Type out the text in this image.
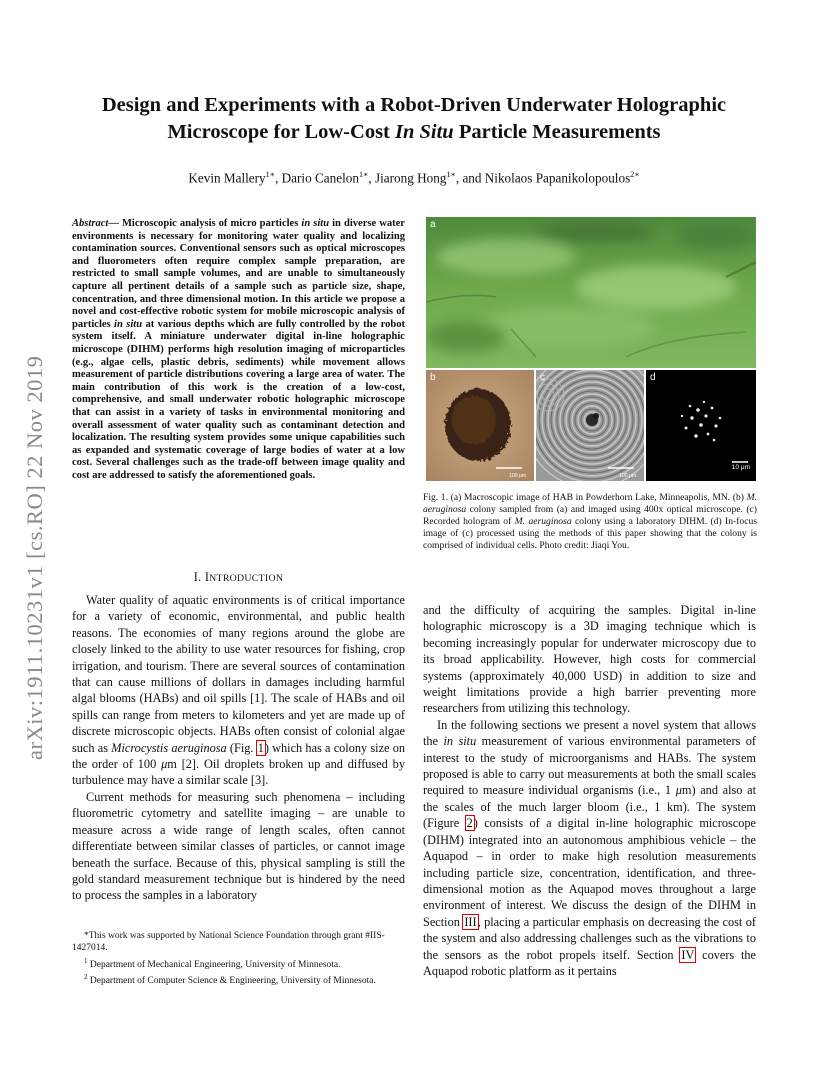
arXiv:1911.10231v1 [cs.RO] 22 Nov 2019
Design and Experiments with a Robot-Driven Underwater Holographic
Microscope for Low-Cost In Situ Particle Measurements
Kevin Mallery$^{1∗}$, Dario Canelon$^{1∗}$, Jiarong Hong$^{1∗}$, and Nikolaos Papanikolopoulos$^{2∗}$
Abstract— Microscopic analysis of micro particles in situ in diverse water environments is necessary for monitoring water quality and localizing contamination sources. Conventional sensors such as optical microscopes and fluorometers often require complex sample preparation, are restricted to small sample volumes, and are unable to simultaneously capture all pertinent details of a sample such as particle size, shape, concentration, and three dimensional motion. In this article we propose a novel and cost-effective robotic system for mobile microscopic analysis of particles in situ at various depths which are fully controlled by the robot system itself. A miniature underwater digital in-line holographic microscope (DIHM) performs high resolution imaging of microparticles (e.g., algae cells, plastic debris, sediments) while movement allows measurement of particle distributions covering a large area of water. The main contribution of this work is the creation of a low-cost, comprehensive, and small underwater robotic holographic microscope that can assist in a variety of tasks in environmental monitoring and overall assessment of water quality such as contaminant detection and localization. The resulting system provides some unique capabilities such as expanded and systematic coverage of large bodies of water at a low cost. Several challenges such as the trade-off between image quality and cost are addressed to satisfy the aforementioned goals.
I. INTRODUCTION

Water quality of aquatic environments is of critical importance for a variety of economic, environmental, and public health reasons. The economies of many regions around the globe are closely linked to the ability to use water resources for fishing, crop irrigation, and tourism. There are several sources of contamination that can cause millions of dollars in damages including harmful algal blooms (HABs) and oil spills [1]. The scale of HABs and oil spills can range from meters to kilometers and yet are made up of discrete microscopic objects. HABs often consist of colonial algae such as Microcystis aeruginosa (Fig. 1) which has a colony size on the order of 100 μm [2]. Oil droplets broken up and diffused by turbulence may have a similar scale [3].

Current methods for measuring such phenomena – including fluorometric cytometry and satellite imaging – are unable to measure across a wide range of length scales, often cannot differentiate between similar classes of particles, or cannot image beneath the surface. Because of this, physical sampling is still the gold standard measurement technique but is hindered by the need to process the samples in a laboratory

*This work was supported by National Science Foundation through grant #IIS-1427014.

$^1$ Department of Mechanical Engineering, University of Minnesota.

$^2$ Department of Computer Science & Engineering, University of Minnesota.

a
b
100 μm
c
100 μm
d
10 μm
Fig. 1. (a) Macroscopic image of HAB in Powderhorn Lake, Minneapolis, MN. (b) M. aeruginosa colony sampled from (a) and imaged using 400x optical microscope. (c) Recorded hologram of M. aeruginosa colony using a laboratory DIHM. (d) In-focus image of (c) processed using the methods of this paper showing that the colony is comprised of individual cells. Photo credit: Jiaqi You.

and the difficulty of acquiring the samples. Digital in-line holographic microscopy is a 3D imaging technique which is becoming increasingly popular for underwater microscopy due to its broad applicability. However, high costs for commercial systems (approximately 40,000 USD) in addition to size and weight limitations provide a high barrier preventing more researchers from utilizing this technology.

In the following sections we present a novel system that allows the in situ measurement of various environmental parameters of interest to the study of microorganisms and HABs. The system proposed is able to carry out measurements at both the small scales required to measure individual organisms (i.e., 1 μm) and also at the scales of the much larger bloom (i.e., 1 km). The system (Figure 2) consists of a digital in-line holographic microscope (DIHM) integrated into an autonomous amphibious vehicle – the Aquapod – in order to make high resolution measurements including particle size, concentration, identification, and three-dimensional motion as the Aquapod moves throughout a large environment of interest. We discuss the design of the DIHM in Section III, placing a particular emphasis on decreasing the cost of the system and also addressing challenges such as the vibrations to the sensors as the robot propels itself. Section IV covers the Aquapod robotic platform as it pertains
